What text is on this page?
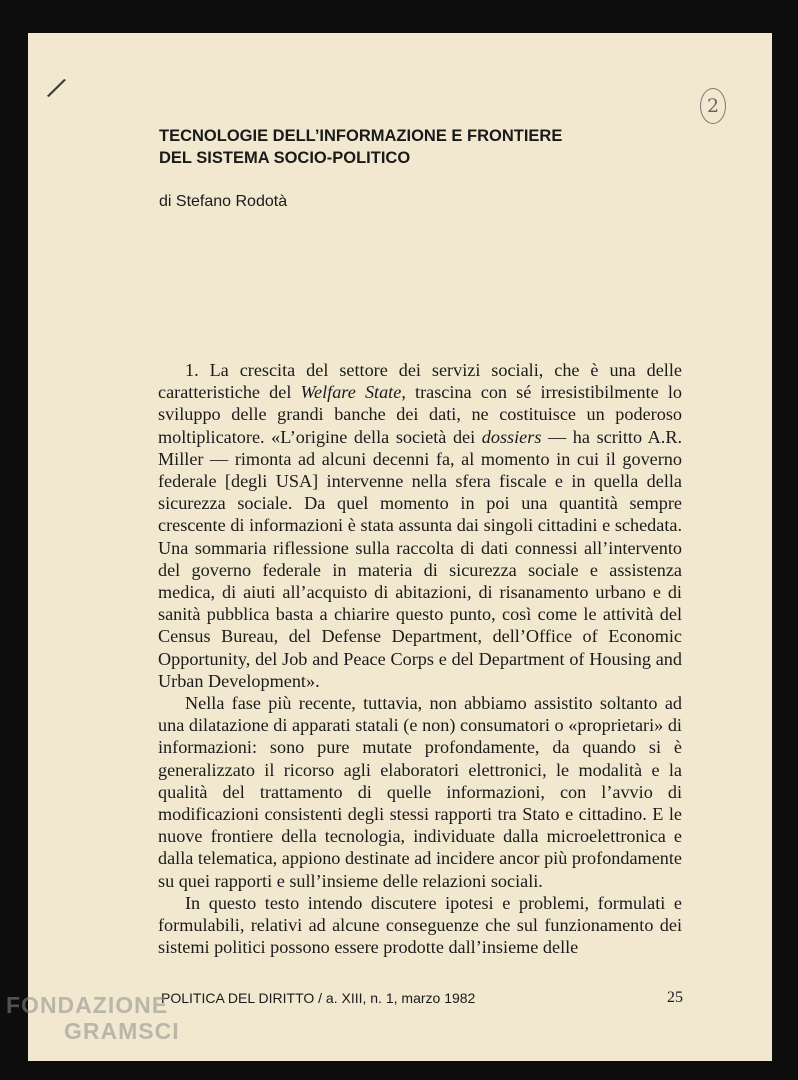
/
2
TECNOLOGIE DELL’INFORMAZIONE E FRONTIERE
DEL SISTEMA SOCIO-POLITICO
di Stefano Rodotà

1. La crescita del settore dei servizi sociali, che è una delle caratteristiche del Welfare State, trascina con sé irresistibilmente lo sviluppo delle grandi banche dei dati, ne costituisce un poderoso moltiplicatore. «L’origine della società dei dossiers — ha scritto A.R. Miller — rimonta ad alcuni decenni fa, al momento in cui il governo federale [degli USA] intervenne nella sfera fiscale e in quella della sicurezza sociale. Da quel momento in poi una quantità sempre crescente di informazioni è stata assunta dai singoli cittadini e schedata. Una sommaria riflessione sulla raccolta di dati connessi all’intervento del governo federale in materia di sicurezza sociale e assistenza medica, di aiuti all’acquisto di abitazioni, di risanamento urbano e di sanità pubblica basta a chiarire questo punto, così come le attività del Census Bureau, del Defense Department, dell’Office of Economic Opportunity, del Job and Peace Corps e del Department of Housing and Urban Development».

Nella fase più recente, tuttavia, non abbiamo assistito soltanto ad una dilatazione di apparati statali (e non) consumatori o «proprietari» di informazioni: sono pure mutate profondamente, da quando si è generalizzato il ricorso agli elaboratori elettronici, le modalità e la qualità del trattamento di quelle informazioni, con l’avvio di modificazioni consistenti degli stessi rapporti tra Stato e cittadino. E le nuove frontiere della tecnologia, individuate dalla microelettronica e dalla telematica, appiono destinate ad incidere ancor più profondamente su quei rapporti e sull’insieme delle relazioni sociali.

In questo testo intendo discutere ipotesi e problemi, formulati e formulabili, relativi ad alcune conseguenze che sul funzionamento dei sistemi politici possono essere prodotte dall’insieme delle

POLITICA DEL DIRITTO / a. XIII, n. 1, marzo 1982	25
FONDAZIONE
GRAMSCI
